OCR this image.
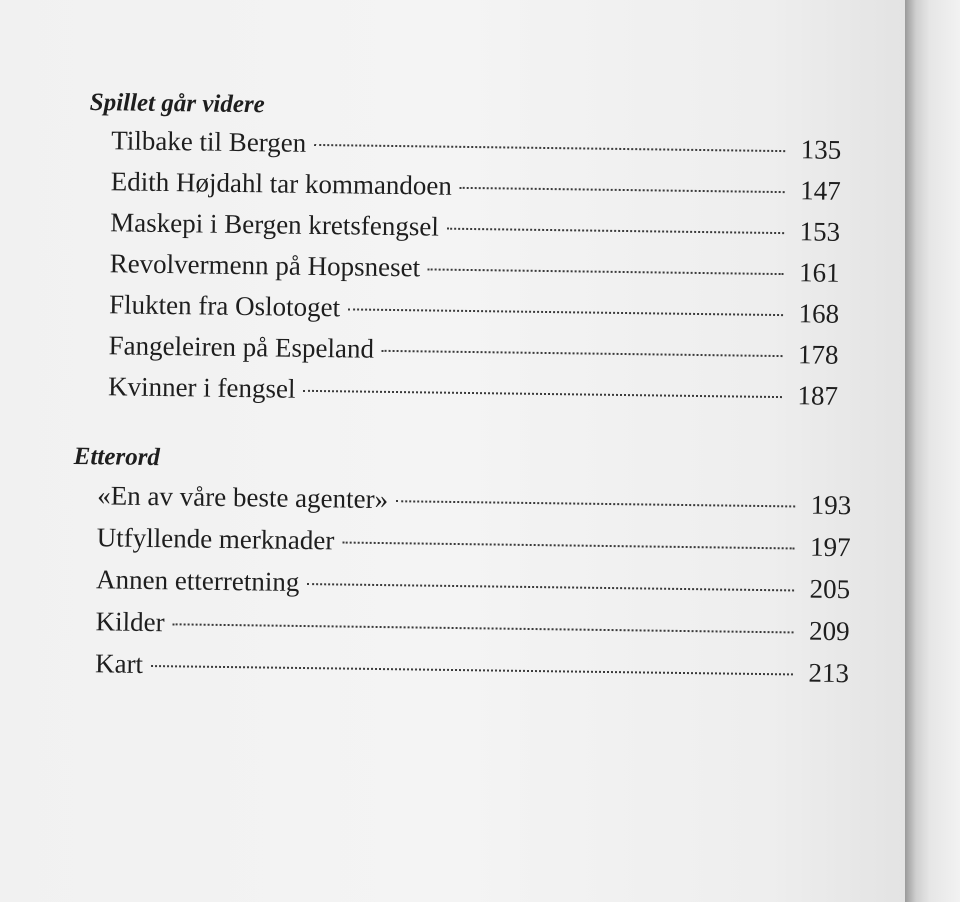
Spillet går videre
Tilbake til Bergen	135
Edith Højdahl tar kommandoen	147
Maskepi i Bergen kretsfengsel	153
Revolvermenn på Hopsneset	161
Flukten fra Oslotoget	168
Fangeleiren på Espeland	178
Kvinner i fengsel	187
Etterord
«En av våre beste agenter»	193
Utfyllende merknader	197
Annen etterretning	205
Kilder	209
Kart	213
